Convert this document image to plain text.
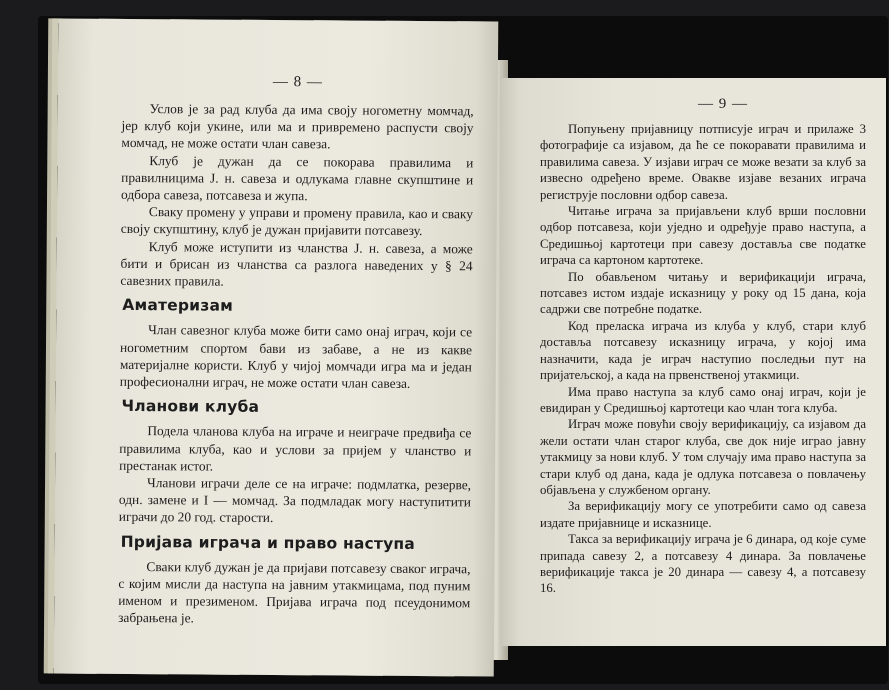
— 8 —

Услов је за рад клуба да има своју ногометну момчад, јер клуб који укине, или ма и привремено распусти своју момчад, не може остати члан савеза.

Клуб је дужан да се покорава правилима и правилницима Ј. н. савеза и одлукама главне скупштине и одбора савеза, потсавеза и жупа.

Сваку промену у управи и промену правила, као и сваку своју скупштину, клуб је дужан пријавити потсавезу.

Клуб може иступити из чланства Ј. н. савеза, а може бити и брисан из чланства са разлога наведених у § 24 савезних правила.

Аматеризам

Члан савезног клуба може бити само онај играч, који се ногометним спортом бави из забаве, а не из какве материјалне користи. Клуб у чијој момчади игра ма и један професионални играч, не може остати члан савеза.

Чланови клуба

Подела чланова клуба на играче и неиграче предвиђа се правилима клуба, као и услови за пријем у чланство и престанак истог.

Чланови играчи деле се на играче: подмлатка, резерве, одн. замене и I — момчад. За подмладак могу наступитити играчи до 20 год. старости.

Пријава играча и право наступа

Сваки клуб дужан је да пријави потсавезу сваког играча, с којим мисли да наступа на јавним утакмицама, под пуним именом и презименом. Пријава играча под псеудонимом забрањена је.

— 9 —

Попуњену пријавницу потписује играч и прилаже 3 фотографије са изјавом, да ће се покоравати правилима и правилима савеза. У изјави играч се може везати за клуб за извесно одређено време. Овакве изјаве везаних играча региструје пословни одбор савеза.

Читање играча за пријављени клуб врши пословни одбор потсавеза, који уједно и одређује право наступа, а Средишњој картотеци при савезу доставља све податке играча са картоном картотеке.

По обављеном читању и верификацији играча, потсавез истом издаје исказницу у року од 15 дана, која садржи све потребне податке.

Код преласка играча из клуба у клуб, стари клуб доставља потсавезу исказницу играча, у којој има назначити, када је играч наступио последњи пут на пријатељској, а када на првенственој утакмици.

Има право наступа за клуб само онај играч, који је евидиран у Средишњој картотеци као члан тога клуба.

Играч може повући своју верификацију, са изјавом да жели остати члан старог клуба, све док није играо јавну утакмицу за нови клуб. У том случају има право наступа за стари клуб од дана, када је одлука потсавеза о повлачењу објављена у службеном органу.

За верификацију могу се употребити само од савеза издате пријавнице и исказнице.

Такса за верификацију играча је 6 динара, од које суме припада савезу 2, а потсавезу 4 динара. За повлачење верификације такса је 20 динара — савезу 4, а потсавезу 16.
